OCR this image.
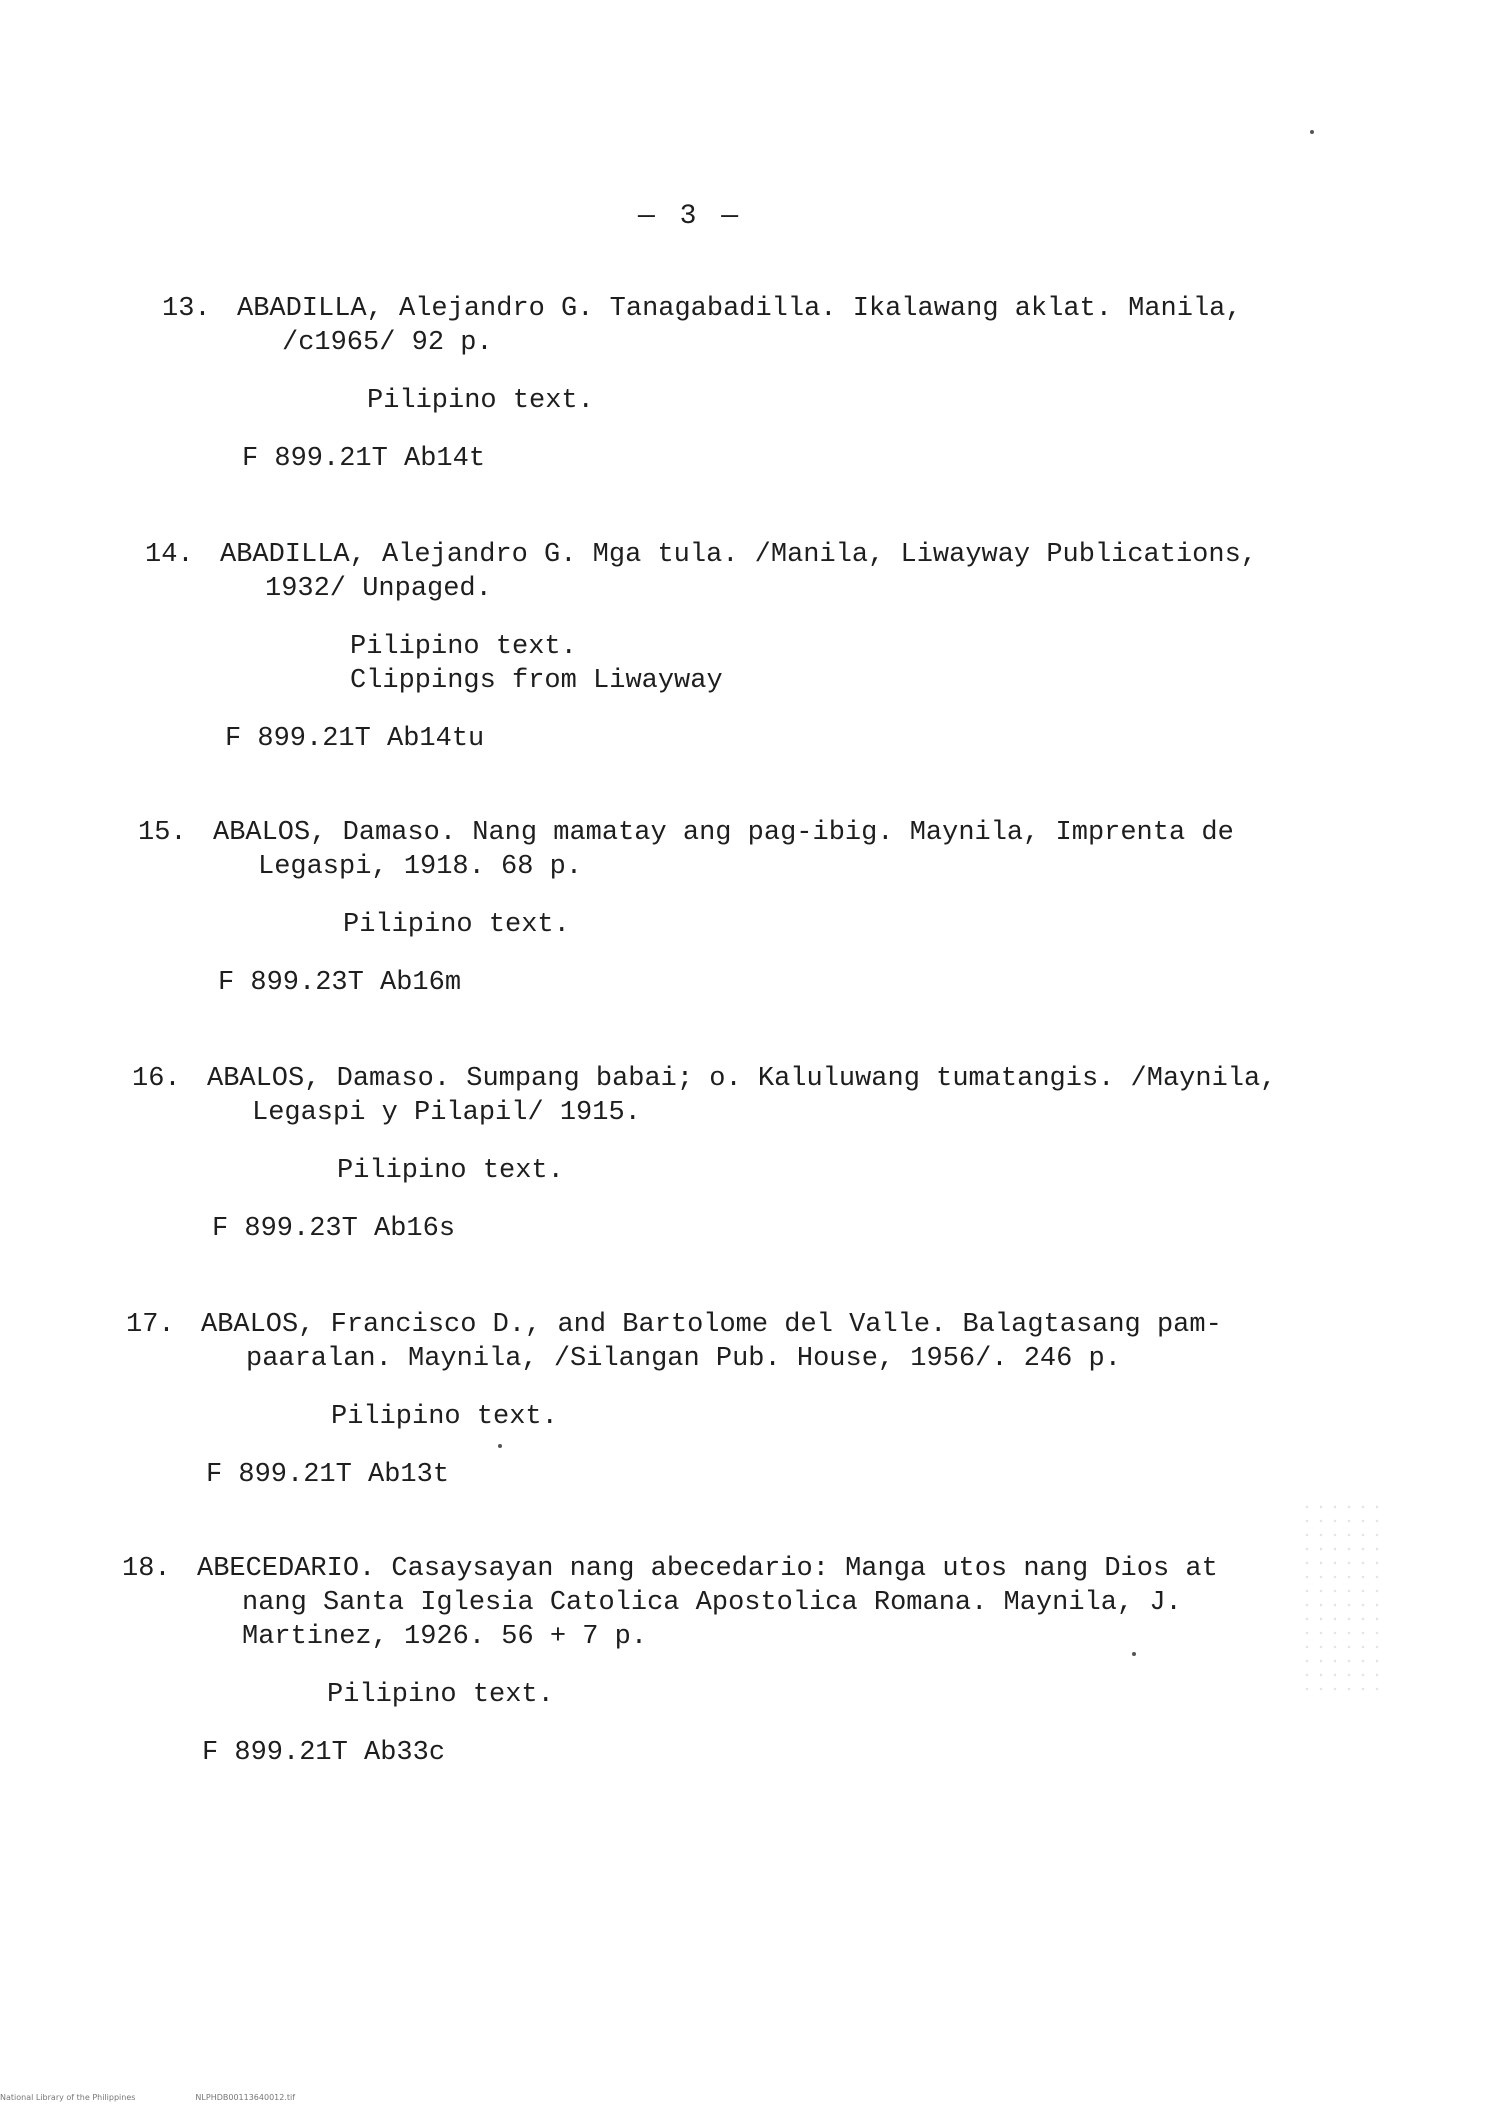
— 3 —
13. ABADILLA, Alejandro G. Tanagabadilla. Ikalawang aklat. Manila,
/c1965/ 92 p.
Pilipino text.
F 899.21T Ab14t
14. ABADILLA, Alejandro G. Mga tula. /Manila, Liwayway Publications,
1932/ Unpaged.
Pilipino text.
Clippings from Liwayway
F 899.21T Ab14tu
15. ABALOS, Damaso. Nang mamatay ang pag-ibig. Maynila, Imprenta de
Legaspi, 1918. 68 p.
Pilipino text.
F 899.23T Ab16m
16. ABALOS, Damaso. Sumpang babai; o. Kaluluwang tumatangis. /Maynila,
Legaspi y Pilapil/ 1915.
Pilipino text.
F 899.23T Ab16s
17. ABALOS, Francisco D., and Bartolome del Valle. Balagtasang pam-
paaralan. Maynila, /Silangan Pub. House, 1956/. 246 p.
Pilipino text.
F 899.21T Ab13t
18. ABECEDARIO. Casaysayan nang abecedario: Manga utos nang Dios at
nang Santa Iglesia Catolica Apostolica Romana. Maynila, J.
Martinez, 1926. 56 + 7 p.
Pilipino text.
F 899.21T Ab33c
National Library of the Philippines	NLPHDB00113640012.tif
